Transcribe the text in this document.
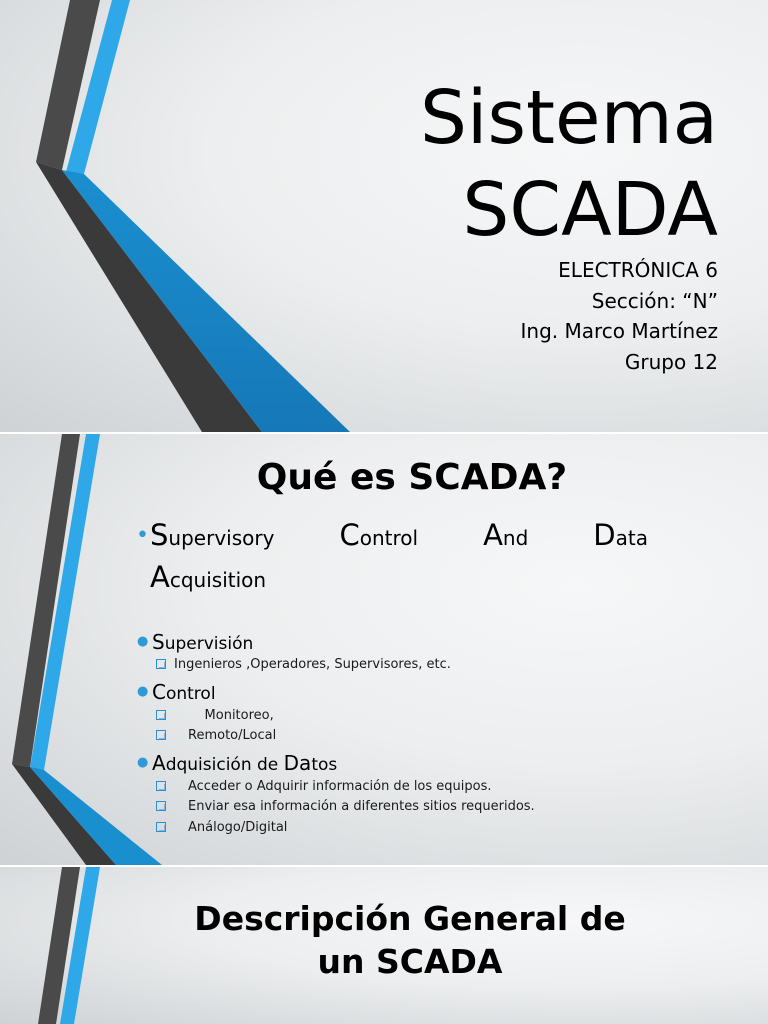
Sistema
SCADA
ELECTRÓNICA 6
Sección: “N”
Ing. Marco Martínez
Grupo 12
Qué es SCADA?
• Supervisory Control And Data
Acquisition
● Supervisión
Ingenieros ,Operadores, Supervisores, etc.
● Control
Monitoreo,
Remoto/Local
● Adquisición de Datos
Acceder o Adquirir información de los equipos.
Enviar esa información a diferentes sitios requeridos.
Análogo/Digital
Descripción General de
un SCADA
